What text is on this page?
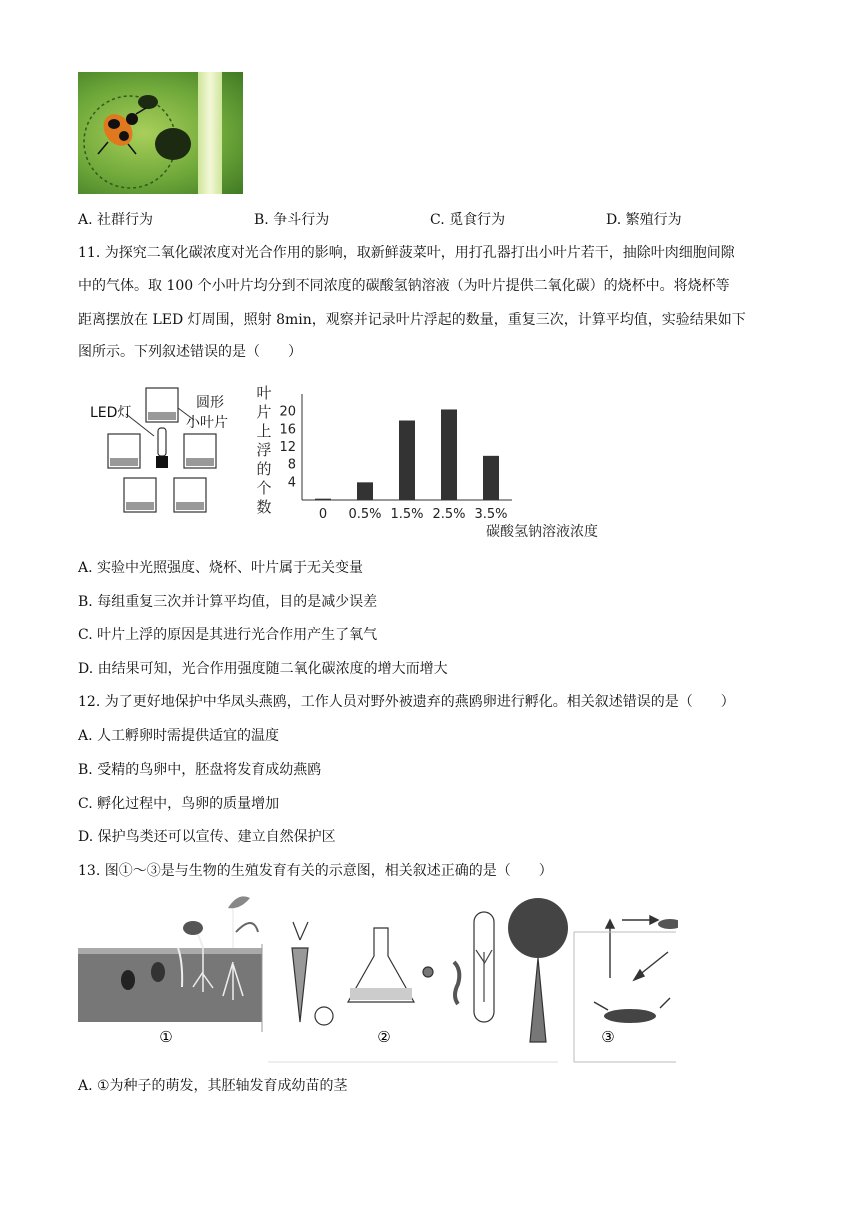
A. 社群行为	B. 争斗行为	C. 觅食行为	D. 繁殖行为
11. 为探究二氧化碳浓度对光合作用的影响，取新鲜菠菜叶，用打孔器打出小叶片若干，抽除叶肉细胞间隙
中的气体。取 100 个小叶片均分到不同浓度的碳酸氢钠溶液（为叶片提供二氧化碳）的烧杯中。将烧杯等
距离摆放在 LED 灯周围，照射 8min，观察并记录叶片浮起的数量，重复三次，计算平均值，实验结果如下
图所示。下列叙述错误的是（　　）
LED灯
圆形
小叶片
叶
片
上
浮
的
个
数
4
8
12
16
20
0 0.5% 1.5% 2.5% 3.5%
碳酸氢钠溶液浓度
A. 实验中光照强度、烧杯、叶片属于无关变量
B. 每组重复三次并计算平均值，目的是减少误差
C. 叶片上浮的原因是其进行光合作用产生了氧气
D. 由结果可知，光合作用强度随二氧化碳浓度的增大而增大
12. 为了更好地保护中华凤头燕鸥，工作人员对野外被遗弃的燕鸥卵进行孵化。相关叙述错误的是（　　）
A. 人工孵卵时需提供适宜的温度
B. 受精的鸟卵中，胚盘将发育成幼燕鸥
C. 孵化过程中，鸟卵的质量增加
D. 保护鸟类还可以宣传、建立自然保护区
13. 图①～③是与生物的生殖发育有关的示意图，相关叙述正确的是（　　）
①	②	③
A. ①为种子的萌发，其胚轴发育成幼苗的茎
